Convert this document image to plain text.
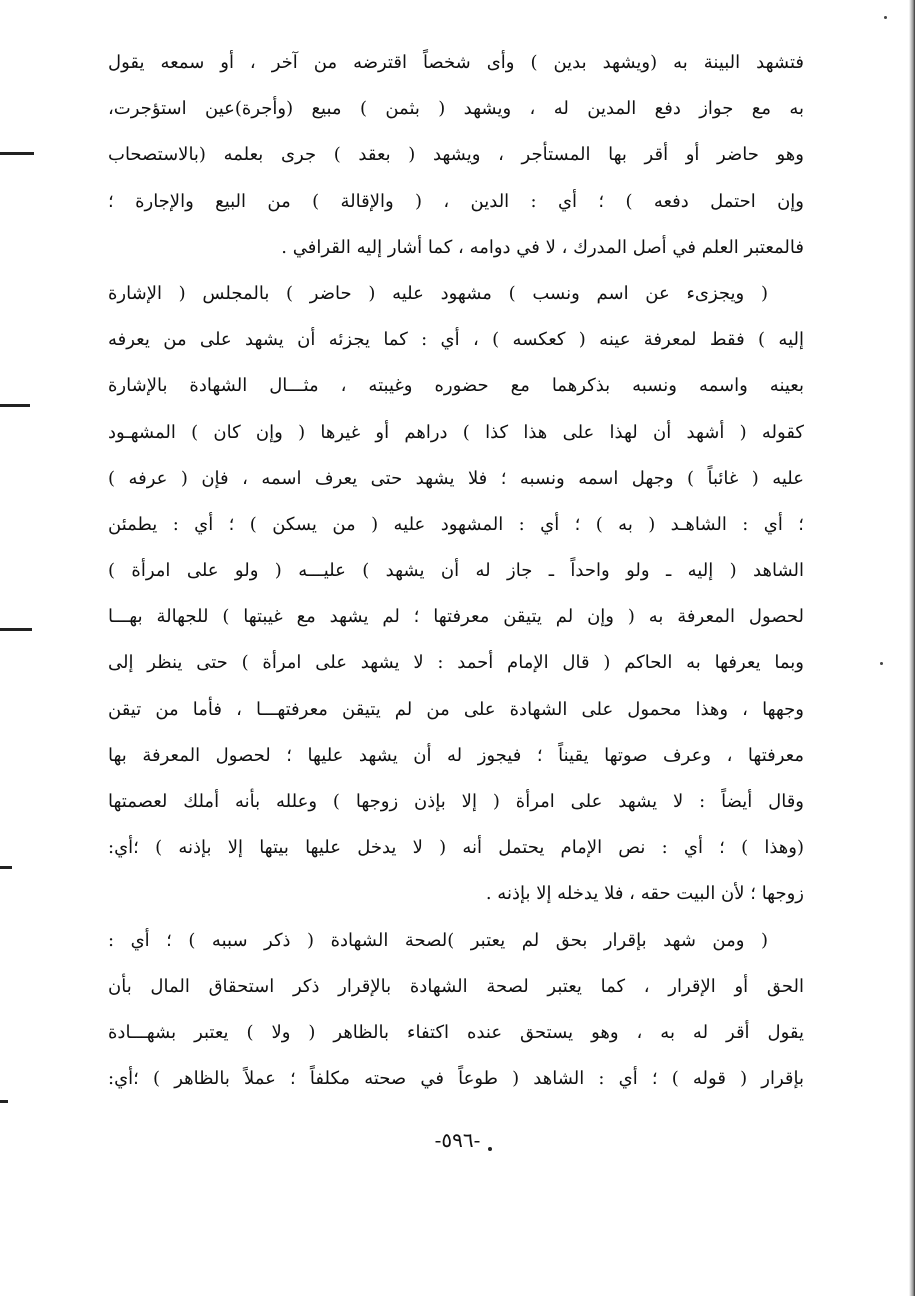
فتشهد البينة به (ويشهد بدين ) وأى شخصاً اقترضه من آخر ، أو سمعه يقول
به مع جواز دفع المدين له ، ويشهد ( بثمن ) مبيع (وأجرة)عين استؤجرت،
وهو حاضر أو أقر بها المستأجر ، ويشهد ( بعقد ) جرى بعلمه (بالاستصحاب
وإن احتمل دفعه ) ؛ أي : الدين ، ( والإقالة ) من البيع والإجارة ؛
فالمعتبر العلم في أصل المدرك ، لا في دوامه ، كما أشار إليه القرافي .
( ويجزىء عن اسم ونسب ) مشهود عليه ( حاضر ) بالمجلس ( الإشارة
إليه ) فقط لمعرفة عينه ( كعكسه ) ، أي : كما يجزئه أن يشهد على من يعرفه
بعينه واسمه ونسبه بذكرهما مع حضوره وغيبته ، مثـــال الشهادة بالإشارة
كقوله ( أشهد أن لهذا على هذا كذا ) دراهم أو غيرها ( وإن كان ) المشهـود
عليه ( غائباً ) وجهل اسمه ونسبه ؛ فلا يشهد حتى يعرف اسمه ، فإن ( عرفه )
؛ أي : الشاهـد ( به ) ؛ أي : المشهود عليه ( من يسكن ) ؛ أي : يطمئن
الشاهد ( إليه ـ ولو واحداً ـ جاز له أن يشهد ) عليـــه ( ولو على امرأة )
لحصول المعرفة به ( وإن لم يتيقن معرفتها ؛ لم يشهد مع غيبتها ) للجهالة بهـــا
وبما يعرفها به الحاكم ( قال الإمام أحمد : لا يشهد على امرأة ) حتى ينظر إلى
وجهها ، وهذا محمول على الشهادة على من لم يتيقن معرفتهـــا ، فأما من تيقن
معرفتها ، وعرف صوتها يقيناً ؛ فيجوز له أن يشهد عليها ؛ لحصول المعرفة بها
وقال أيضاً : لا يشهد على امرأة ( إلا بإذن زوجها ) وعلله بأنه أملك لعصمتها
(وهذا ) ؛ أي : نص الإمام يحتمل أنه ( لا يدخل عليها بيتها إلا بإذنه ) ؛أي:
زوجها ؛ لأن البيت حقه ، فلا يدخله إلا بإذنه .
( ومن شهد بإقرار بحق لم يعتبر )لصحة الشهادة ( ذكر سببه ) ؛ أي :
الحق أو الإقرار ، كما يعتبر لصحة الشهادة بالإقرار ذكر استحقاق المال بأن
يقول أقر له به ، وهو يستحق عنده اكتفاء بالظاهر ( ولا ) يعتبر بشهـــادة
بإقرار ( قوله ) ؛ أي : الشاهد ( طوعاً في صحته مكلفاً ؛ عملاً بالظاهر ) ؛أي:
-٥٩٦-
